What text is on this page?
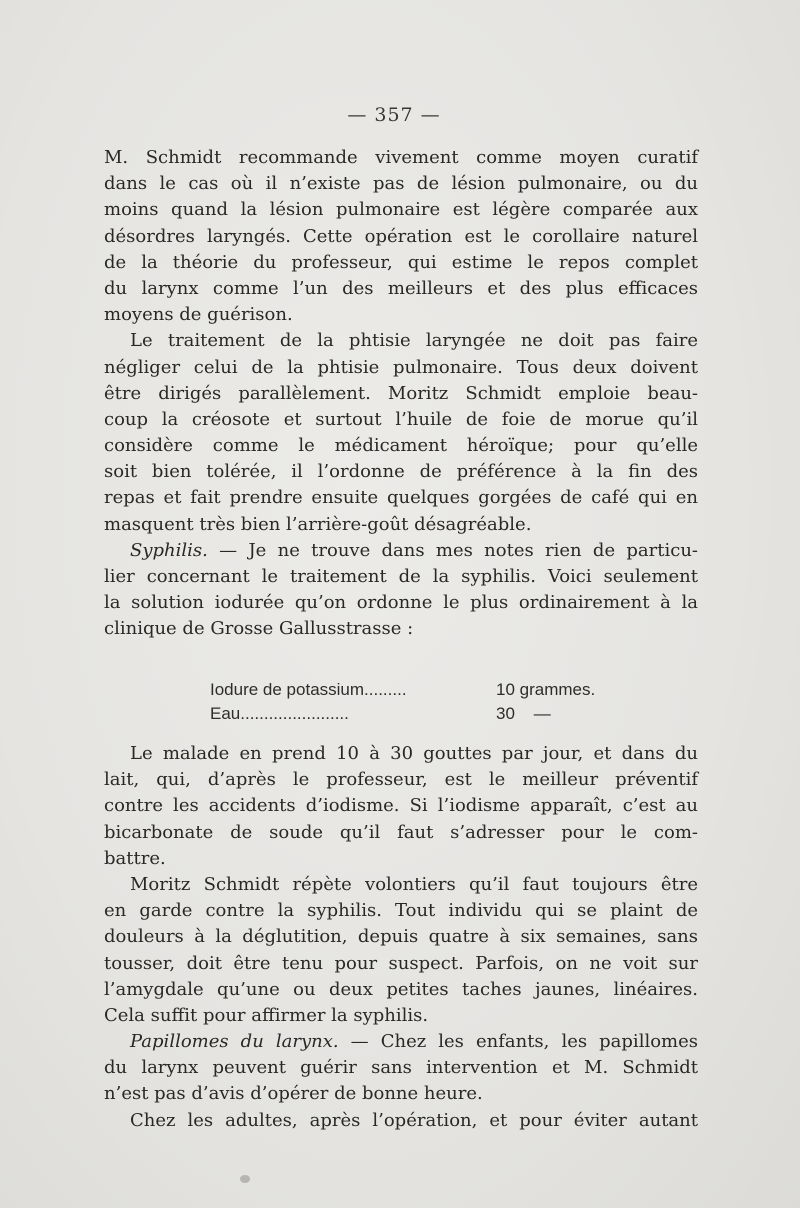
— 357 —
M. Schmidt recommande vivement comme moyen curatif
dans le cas où il n’existe pas de lésion pulmonaire, ou du
moins quand la lésion pulmonaire est légère comparée aux
désordres laryngés. Cette opération est le corollaire naturel
de la théorie du professeur, qui estime le repos complet
du larynx comme l’un des meilleurs et des plus efficaces
moyens de guérison.
Le traitement de la phtisie laryngée ne doit pas faire
négliger celui de la phtisie pulmonaire. Tous deux doivent
être dirigés parallèlement. Moritz Schmidt emploie beau-
coup la créosote et surtout l’huile de foie de morue qu’il
considère comme le médicament héroïque; pour qu’elle
soit bien tolérée, il l’ordonne de préférence à la fin des
repas et fait prendre ensuite quelques gorgées de café qui en
masquent très bien l’arrière-goût désagréable.
Syphilis. — Je ne trouve dans mes notes rien de particu-
lier concernant le traitement de la syphilis. Voici seulement
la solution iodurée qu’on ordonne le plus ordinairement à la
clinique de Grosse Gallusstrasse :
Iodure de potassium.........	10 grammes.
Eau.......................	30    —
Le malade en prend 10 à 30 gouttes par jour, et dans du
lait, qui, d’après le professeur, est le meilleur préventif
contre les accidents d’iodisme. Si l’iodisme apparaît, c’est au
bicarbonate de soude qu’il faut s’adresser pour le com-
battre.
Moritz Schmidt répète volontiers qu’il faut toujours être
en garde contre la syphilis. Tout individu qui se plaint de
douleurs à la déglutition, depuis quatre à six semaines, sans
tousser, doit être tenu pour suspect. Parfois, on ne voit sur
l’amygdale qu’une ou deux petites taches jaunes, linéaires.
Cela suffit pour affirmer la syphilis.
Papillomes du larynx. — Chez les enfants, les papillomes
du larynx peuvent guérir sans intervention et M. Schmidt
n’est pas d’avis d’opérer de bonne heure.
Chez les adultes, après l’opération, et pour éviter autant
